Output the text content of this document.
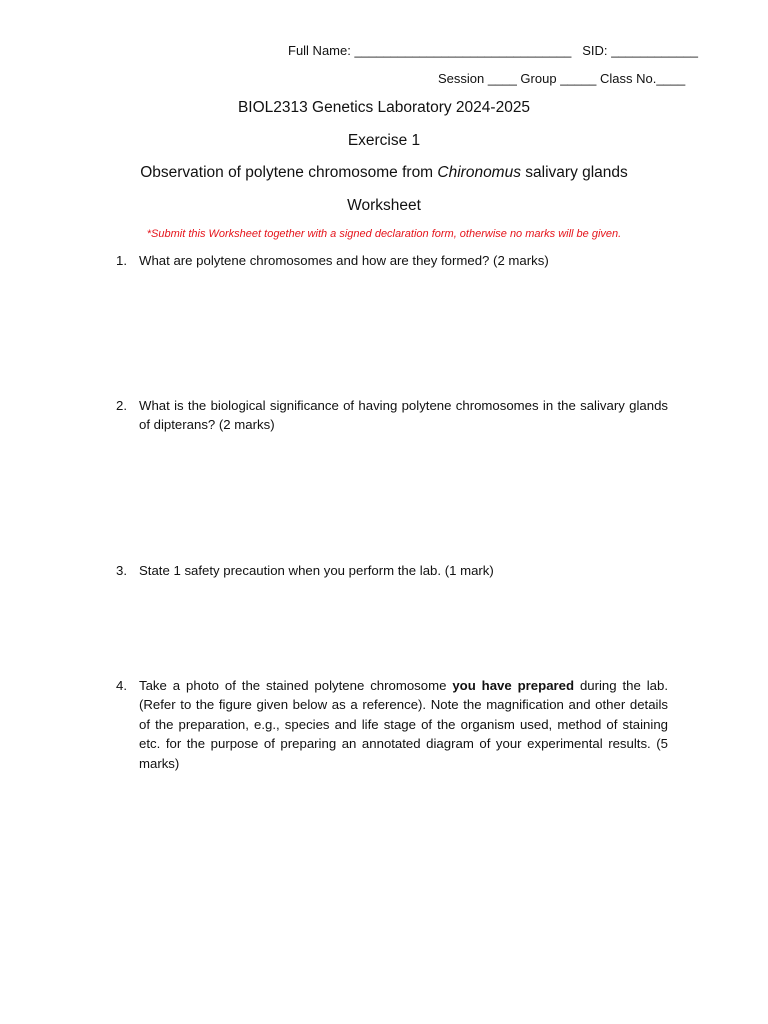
Full Name: ______________________________ SID: ____________
Session ____ Group _____ Class No.____
BIOL2313 Genetics Laboratory 2024-2025
Exercise 1
Observation of polytene chromosome from Chironomus salivary glands
Worksheet
*Submit this Worksheet together with a signed declaration form, otherwise no marks will be given.
1. What are polytene chromosomes and how are they formed? (2 marks)
2. What is the biological significance of having polytene chromosomes in the salivary glands of dipterans? (2 marks)
3. State 1 safety precaution when you perform the lab. (1 mark)
4. Take a photo of the stained polytene chromosome you have prepared during the lab. (Refer to the figure given below as a reference). Note the magnification and other details of the preparation, e.g., species and life stage of the organism used, method of staining etc. for the purpose of preparing an annotated diagram of your experimental results. (5 marks)
